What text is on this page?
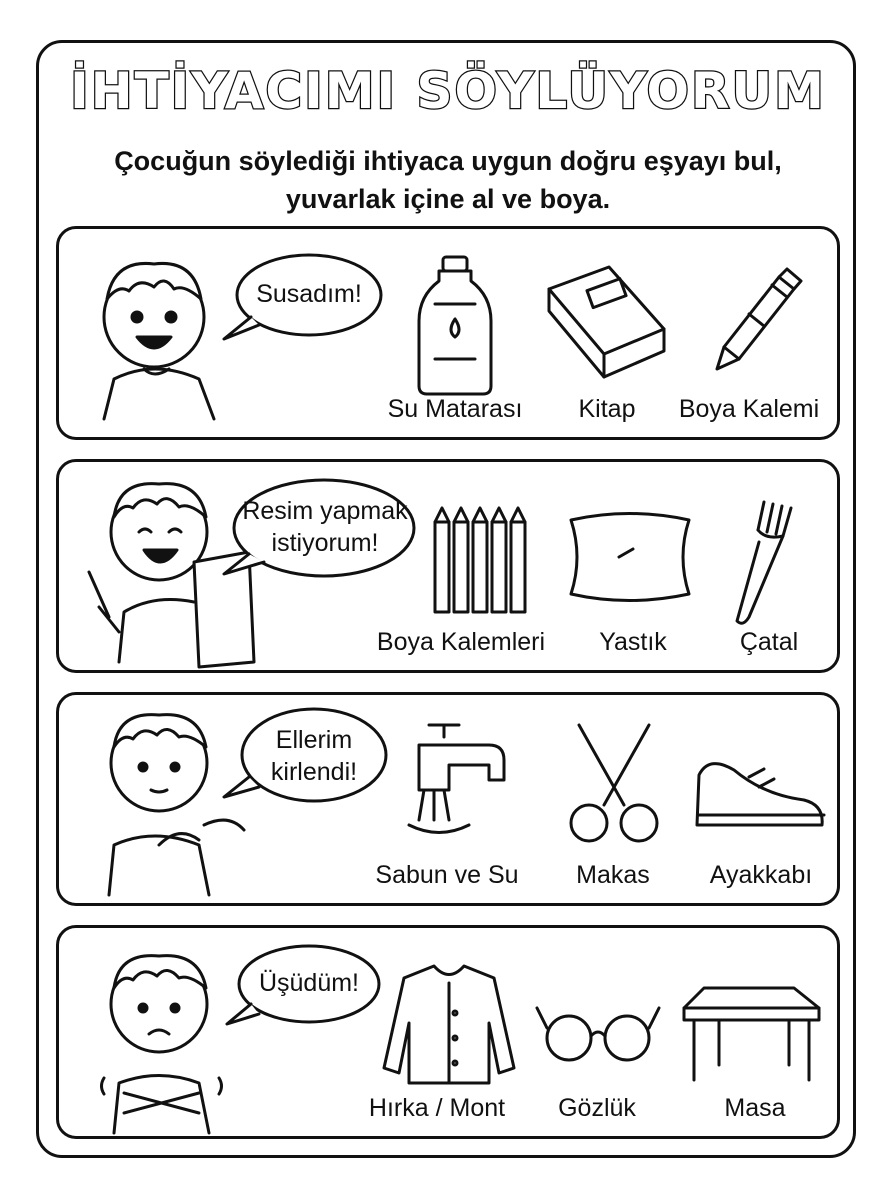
İHTİYACIMI SÖYLÜYORUM
Çocuğun söylediği ihtiyaca uygun doğru eşyayı bul,
yuvarlak içine al ve boya.
Susadım!
Su Matarası	Kitap	Boya Kalemi
Resim yapmak
istiyorum!
Boya Kalemleri	Yastık	Çatal
Ellerim
kirlendi!
Sabun ve Su	Makas	Ayakkabı
Üşüdüm!
Hırka / Mont	Gözlük	Masa
